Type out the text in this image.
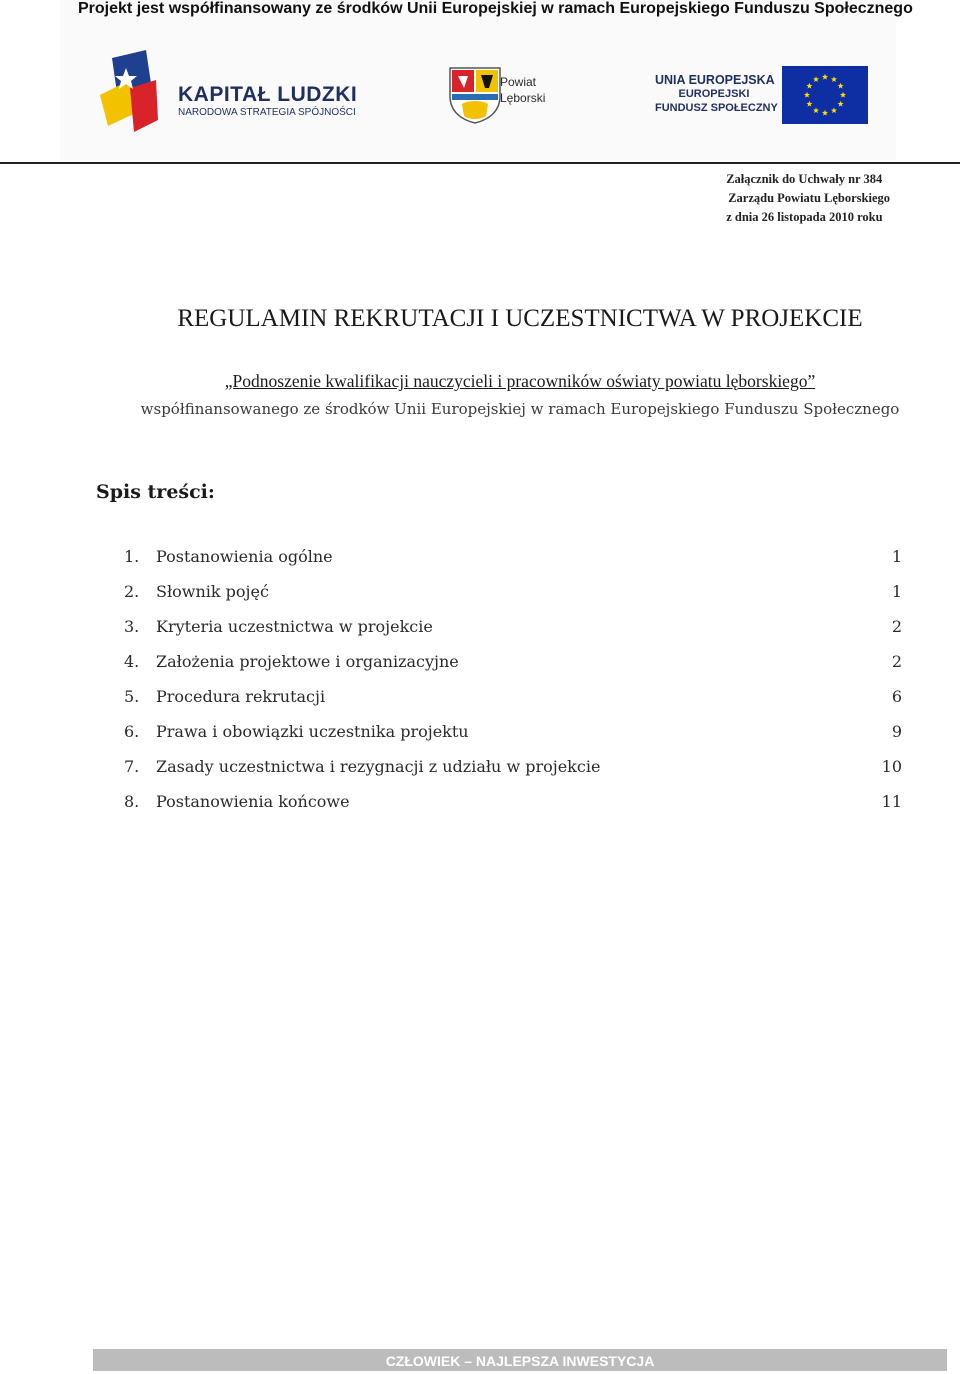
Projekt jest współfinansowany ze środków Unii Europejskiej w ramach Europejskiego Funduszu Społecznego
KAPITAŁ LUDZKI
NARODOWA STRATEGIA SPÓJNOŚCI
Powiat
Lęborski
UNIA EUROPEJSKA
EUROPEJSKI
FUNDUSZ SPOŁECZNY
Załącznik do Uchwały nr 384
Zarządu Powiatu Lęborskiego
z dnia 26 listopada 2010 roku
REGULAMIN REKRUTACJI I UCZESTNICTWA W PROJEKCIE
„Podnoszenie kwalifikacji nauczycieli i pracowników oświaty powiatu lęborskiego”
współfinansowanego ze środków Unii Europejskiej w ramach Europejskiego Funduszu Społecznego
Spis treści:
1. Postanowienia ogólne	1
2. Słownik pojęć	1
3. Kryteria uczestnictwa w projekcie	2
4. Założenia projektowe i organizacyjne	2
5. Procedura rekrutacji	6
6. Prawa i obowiązki uczestnika projektu	9
7. Zasady uczestnictwa i rezygnacji z udziału w projekcie	10
8. Postanowienia końcowe	11
CZŁOWIEK – NAJLEPSZA INWESTYCJA
